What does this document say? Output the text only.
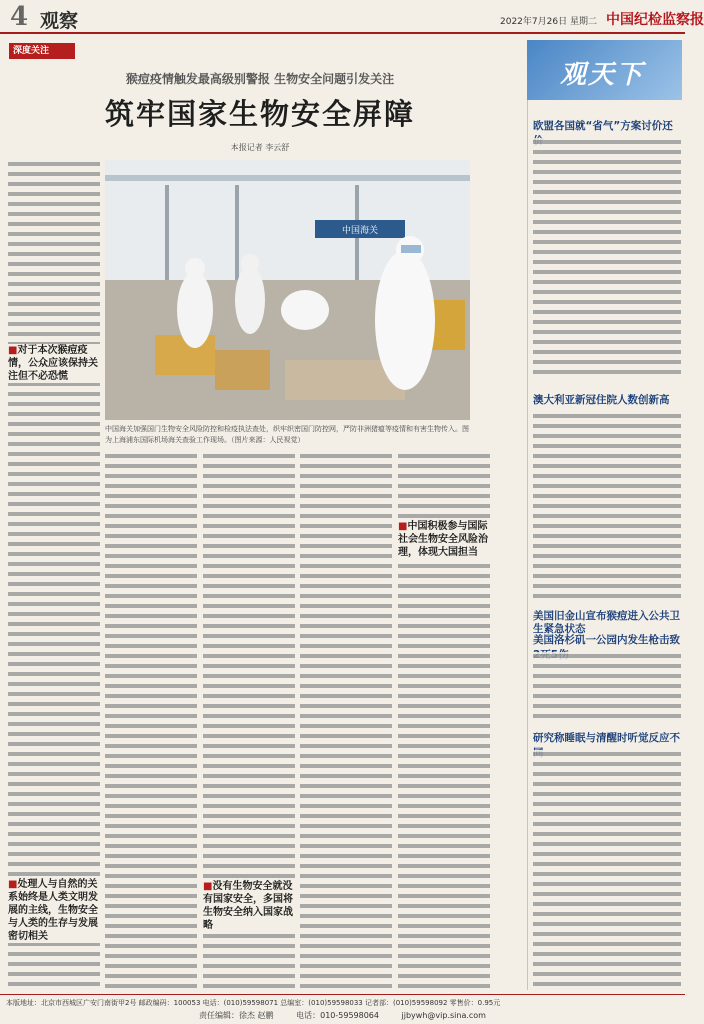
4 观察	2022年7月26日 星期二 中国纪检监察报
深度关注
猴痘疫情触发最高级别警报 生物安全问题引发关注
筑牢国家生物安全屏障
本报记者 李云舒
中国海关
中国海关加强国门生物安全风险防控和检疫执法查处，织牢织密国门防控网，严防非洲猪瘟等疫情和有害生物传入。图为上海浦东国际机场海关查验工作现场。（图片来源：人民视觉）
■对于本次猴痘疫情，公众应该保持关注但不必恐慌
■中国积极参与国际社会生物安全风险治理，体现大国担当
■处理人与自然的关系始终是人类文明发展的主线，生物安全与人类的生存与发展密切相关
■没有生物安全就没有国家安全，多国将生物安全纳入国家战略
观天下
欧盟各国就“省气”方案讨价还
澳大利亚新冠住院人数创新高
美国旧金山宣布猴痘进入公共卫生紧急状态
美国洛杉矶一公园内发生枪击致
研究称睡眠与清醒时听觉反应不
本版地址：北京市西城区广安门南街甲2号 邮政编码：100053 电话：(010)59598071 总编室：(010)59598033 记者部：(010)59598092 零售价：0.95元
责任编辑：徐杰 赵鹏	电话：010-59598064	jjbywh@vip.sina.com
